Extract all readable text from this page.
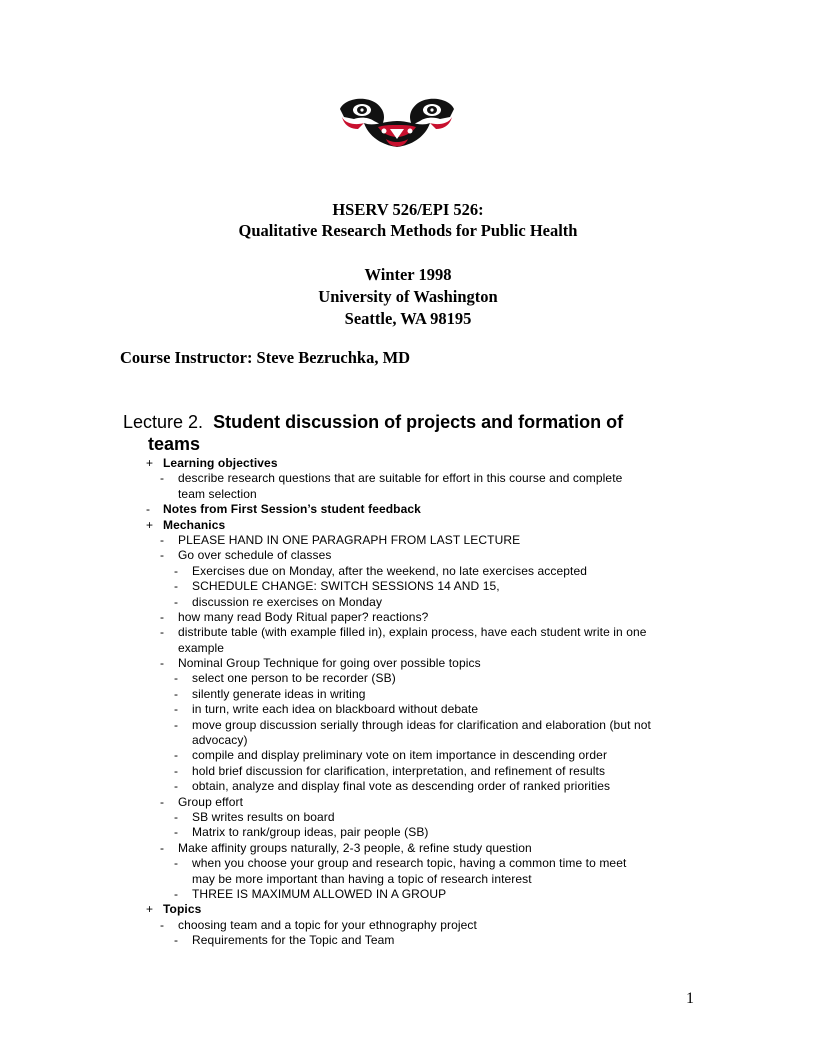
HSERV 526/EPI 526:
Qualitative Research Methods for Public Health
Winter 1998
University of Washington
Seattle, WA 98195
Course Instructor: Steve Bezruchka, MD
Lecture 2. Student discussion of projects and formation of
teams
+ Learning objectives
- describe research questions that are suitable for effort in this course and complete
team selection
- Notes from First Session’s student feedback
+ Mechanics
- PLEASE HAND IN ONE PARAGRAPH FROM LAST LECTURE
- Go over schedule of classes
- Exercises due on Monday, after the weekend, no late exercises accepted
- SCHEDULE CHANGE: SWITCH SESSIONS 14 AND 15,
- discussion re exercises on Monday
- how many read Body Ritual paper? reactions?
- distribute table (with example filled in), explain process, have each student write in one
example
- Nominal Group Technique for going over possible topics
- select one person to be recorder (SB)
- silently generate ideas in writing
- in turn, write each idea on blackboard without debate
- move group discussion serially through ideas for clarification and elaboration (but not
advocacy)
- compile and display preliminary vote on item importance in descending order
- hold brief discussion for clarification, interpretation, and refinement of results
- obtain, analyze and display final vote as descending order of ranked priorities
- Group effort
- SB writes results on board
- Matrix to rank/group ideas, pair people (SB)
- Make affinity groups naturally, 2-3 people, & refine study question
- when you choose your group and research topic, having a common time to meet
may be more important than having a topic of research interest
- THREE IS MAXIMUM ALLOWED IN A GROUP
+ Topics
- choosing team and a topic for your ethnography project
- Requirements for the Topic and Team
1
